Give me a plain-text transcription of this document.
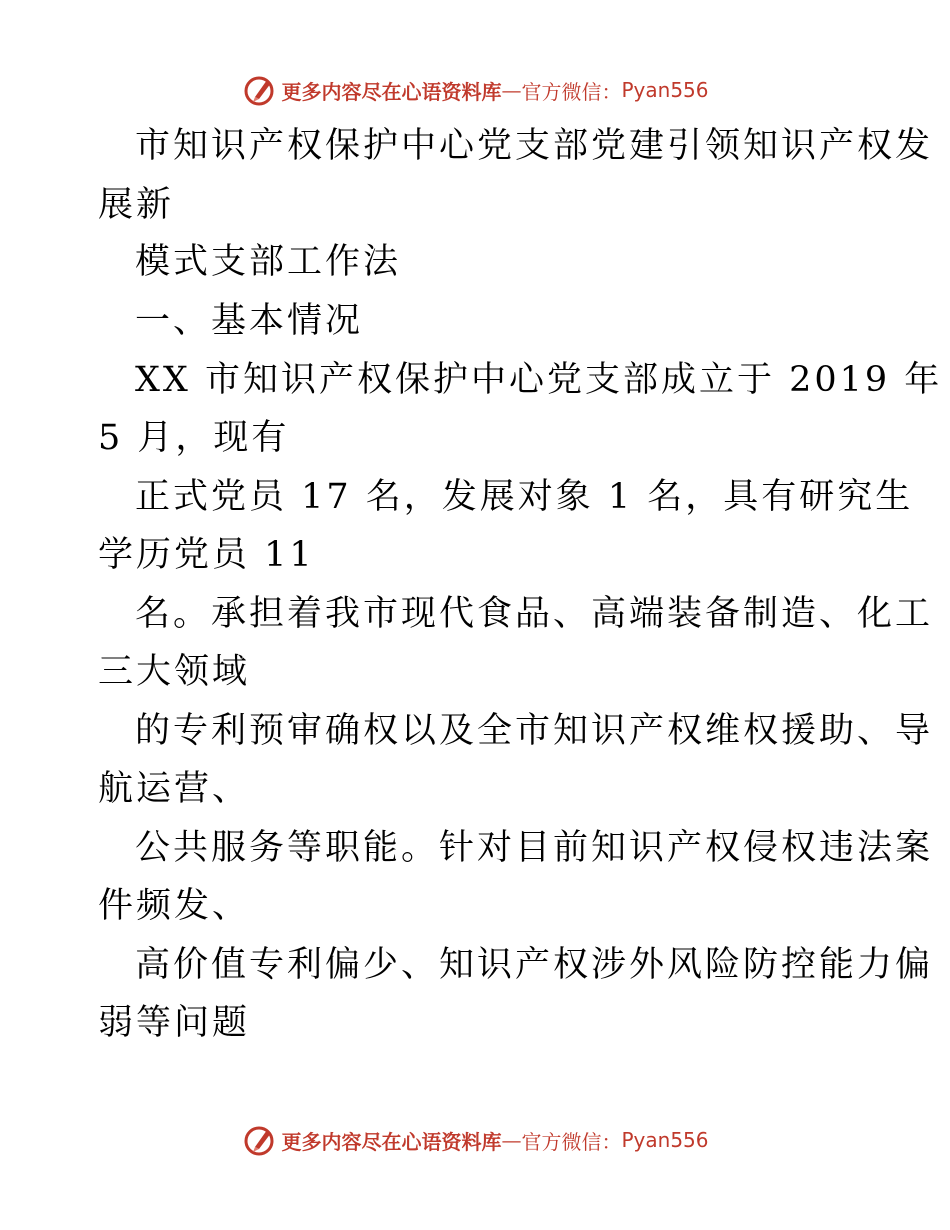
更多内容尽在心语资料库 — 官方微信： Pyan556
市知识产权保护中心党支部党建引领知识产权发
展新
模式支部工作法
一、基本情况
XX 市知识产权保护中心党支部成立于 2019 年
5 月，现有
正式党员 17 名，发展对象 1 名，具有研究生
学历党员 11
名。承担着我市现代食品、高端装备制造、化工
三大领域
的专利预审确权以及全市知识产权维权援助、导
航运营、
公共服务等职能。针对目前知识产权侵权违法案
件频发、
高价值专利偏少、知识产权涉外风险防控能力偏
弱等问题
更多内容尽在心语资料库 — 官方微信： Pyan556
